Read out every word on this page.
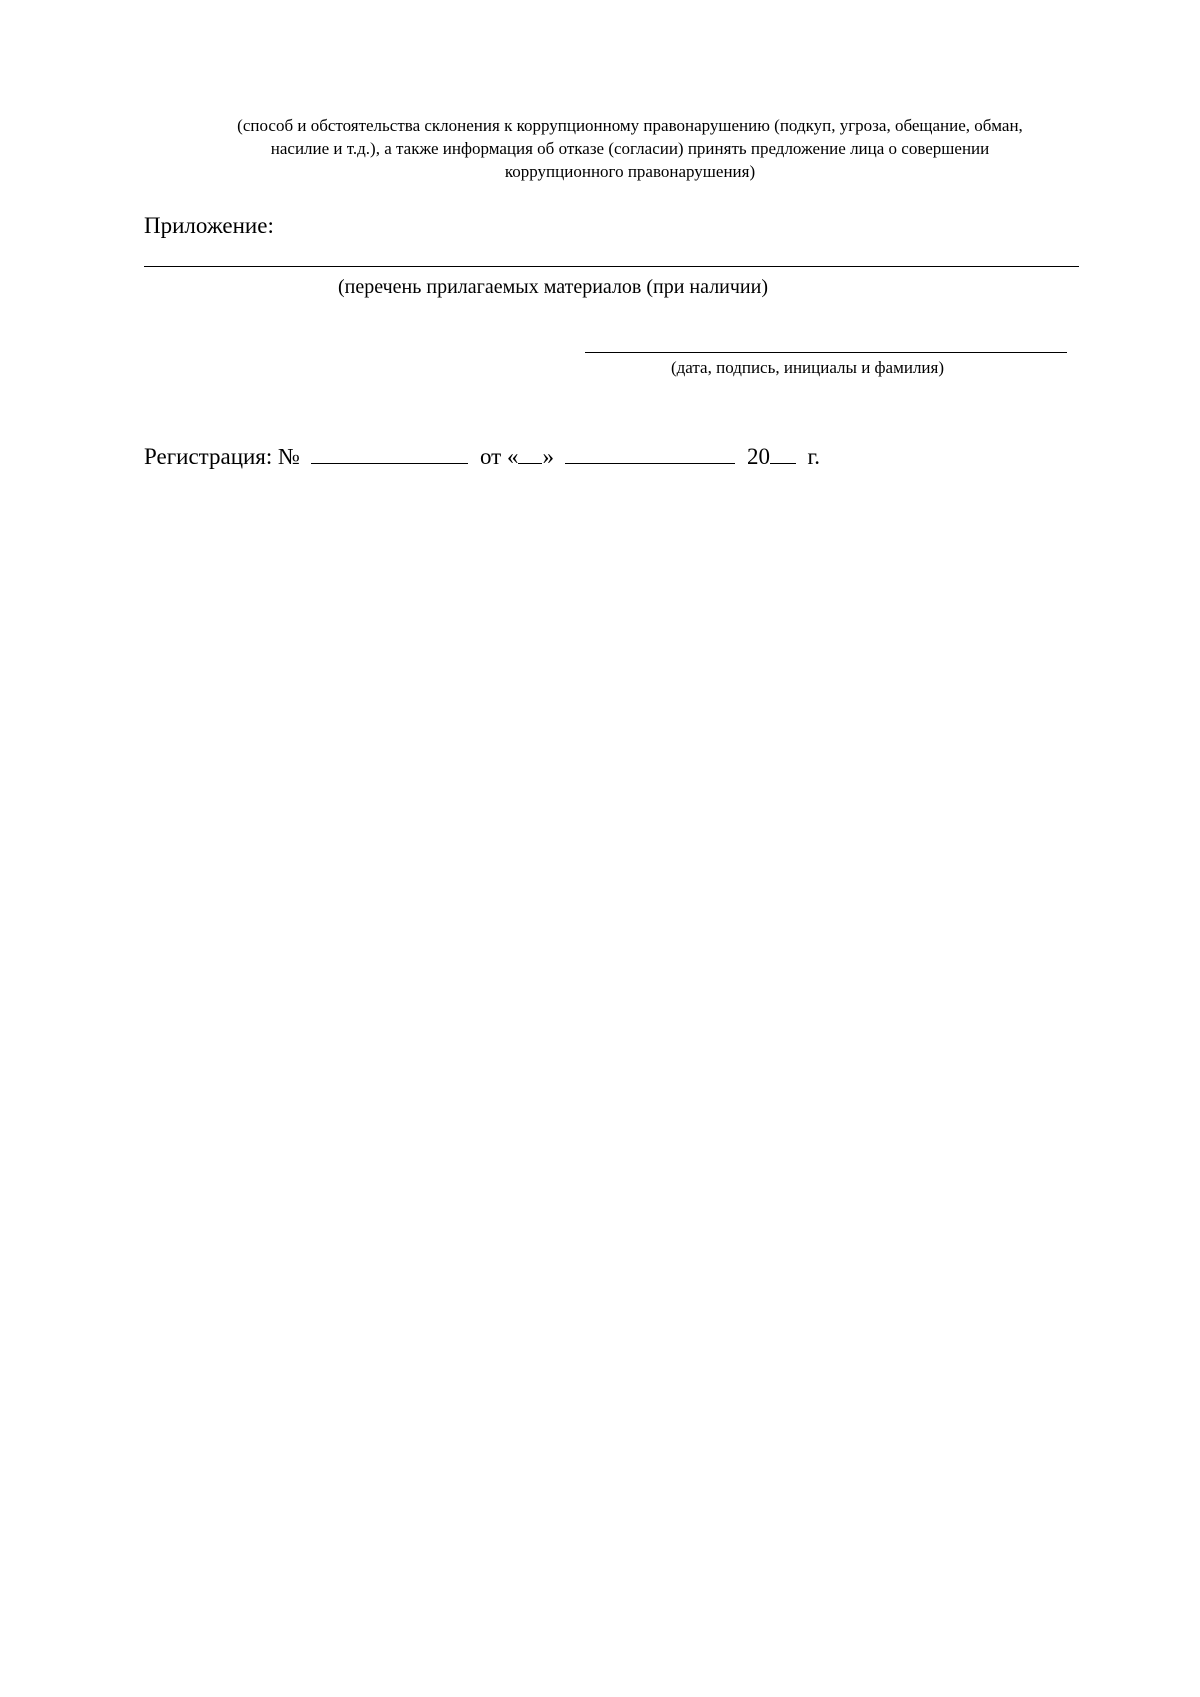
(способ и обстоятельства склонения к коррупционному правонарушению (подкуп, угроза, обещание, обман,
насилие и т.д.), а также информация об отказе (согласии) принять предложение лица о совершении
коррупционного правонарушения)
Приложение:
(перечень прилагаемых материалов (при наличии)
(дата, подпись, инициалы и фамилия)
Регистрация: №	от « »	20 г.
